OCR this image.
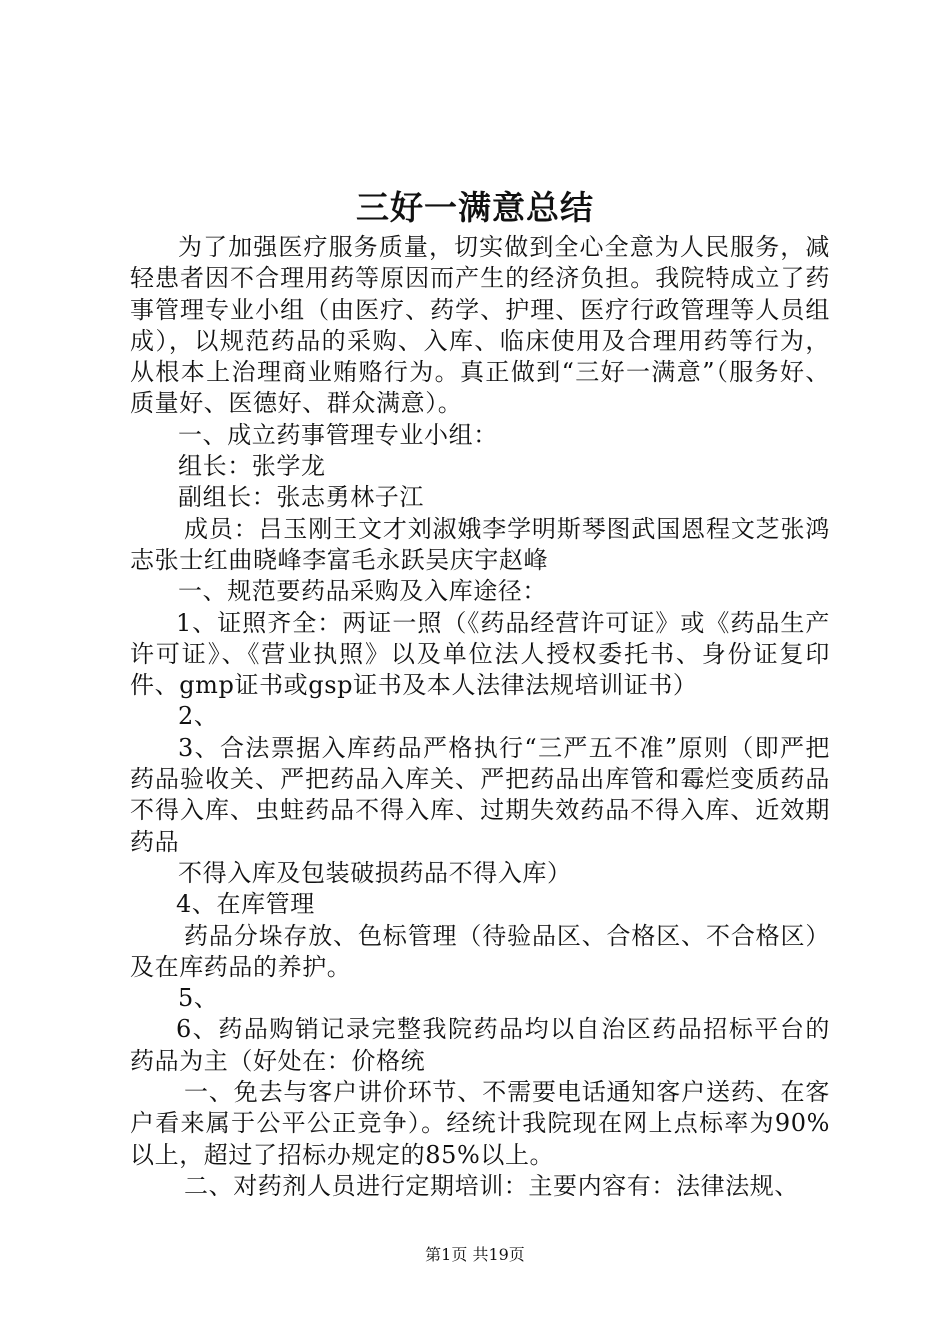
三好一满意总结

为了加强医疗服务质量，切实做到全心全意为人民服务，减轻患者因不合理用药等原因而产生的经济负担。我院特成立了药事管理专业小组（由医疗、药学、护理、医疗行政管理等人员组成），以规范药品的采购、入库、临床使用及合理用药等行为，从根本上治理商业贿赂行为。真正做到“三好一满意”（服务好、质量好、医德好、群众满意）。

一、成立药事管理专业小组：

组长：张学龙

副组长：张志勇林子江

成员：吕玉刚王文才刘淑娥李学明斯琴图武国恩程文芝张鸿志张士红曲晓峰李富毛永跃吴庆宇赵峰

一、规范要药品采购及入库途径：

1、证照齐全：两证一照（《药品经营许可证》或《药品生产许可证》、《营业执照》以及单位法人授权委托书、身份证复印件、gmp证书或gsp证书及本人法律法规培训证书）

2、

3、合法票据入库药品严格执行“三严五不准”原则（即严把药品验收关、严把药品入库关、严把药品出库管和霉烂变质药品不得入库、虫蛀药品不得入库、过期失效药品不得入库、近效期药品

不得入库及包装破损药品不得入库）

4、在库管理

药品分垛存放、色标管理（待验品区、合格区、不合格区）及在库药品的养护。

5、

6、药品购销记录完整我院药品均以自治区药品招标平台的药品为主（好处在：价格统

一、免去与客户讲价环节、不需要电话通知客户送药、在客户看来属于公平公正竞争）。经统计我院现在网上点标率为90%以上，超过了招标办规定的85%以上。

二、对药剂人员进行定期培训：主要内容有：法律法规、

第1页 共19页
